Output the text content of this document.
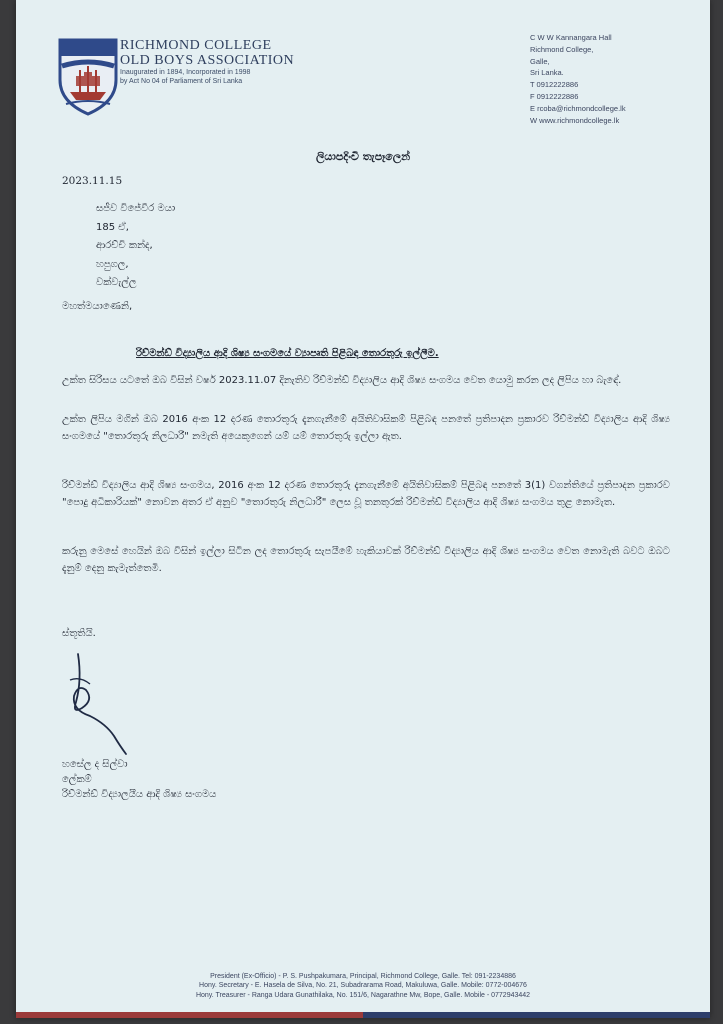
RICHMOND COLLEGE
OLD BOYS ASSOCIATION
Inaugurated in 1894, Incorporated in 1998
by Act No 04 of Parliament of Sri Lanka
C W W Kannangara Hall
Richmond College,
Galle,
Sri Lanka.
T 0912222886
F 0912222886
E rcoba@richmondcollege.lk
W www.richmondcollege.lk
ලියාපදිංචි තැපෑලෙන්
2023.11.15
සජීව විජේවීර මයා
185 ඒ,
ආරච්චි කන්ද,
හපුගල,
වක්වැල්ල
මහත්මයාණෙනි,
රිච්මන්ඩ් විද්‍යාලිය ආදි ශිෂ්‍ය සංගමයේ ව්‍යාපෘති පිළිබඳ තොරතුරු ඉල්ලීම.
උක්ත සිරිසය යටතේ ඔබ විසින් වර්ෂ 2023.11.07 දිනැතිව රිච්මන්ඩ් විද්‍යාලිය ආදි ශිෂ්‍ය සංගමය වෙත යොමු කරන ලද ලිපිය හා බැඳේ.
උක්ත ලිපිය මගින් ඔබ 2016 අංක 12 දරණ තොරතුරු දැනගැනීමේ අයිතිවාසිකම් පිළිබඳ පනතේ ප්‍රතිපාදන ප්‍රකාරව රිච්මන්ඩ් විද්‍යාලිය ආදි ශිෂ්‍ය සංගමයේ "තොරතුරු නිලධාරී" නමැති අයෙකුගෙන් යම් යම් තොරතුරු ඉල්ලා ඇත.
රිච්මන්ඩ් විද්‍යාලිය ආදි ශිෂ්‍ය සංගමය, 2016 අංක 12 දරණ තොරතුරු දැනගැනීමේ අයිතිවාසිකම් පිළිබඳ පනතේ 3(1) වගන්තියේ ප්‍රතිපාදන ප්‍රකාරව "පොදු අධිකාරියක්" නොවන අතර ඒ අනුව "තොරතුරු නිලධාරී" ලෙස වූ තනතුරක් රිච්මන්ඩ් විද්‍යාලිය ආදි ශිෂ්‍ය සංගමය තුළ නොමැත.
කරුනු මෙසේ හෙයින් ඔබ විසින් ඉල්ලා සිටින ලද තොරතුරු සැපයීමේ හැකියාවක් රිච්මන්ඩ් විද්‍යාලිය ආදි ශිෂ්‍ය සංගමය වෙත නොමැති බවට ඔබට දැනුම් දෙනු කැමැත්තෙමි.
ස්තූතියි.
හසේල ද සිල්වා
ලේකම්
රිච්මන්ඩ් විද්‍යාලයීය ආදි ශිෂ්‍ය සංගමය
President (Ex-Officio) - P. S. Pushpakumara, Principal, Richmond College, Galle. Tel: 091-2234886
Hony. Secretary - E. Hasela de Silva, No. 21, Subadrarama Road, Makuluwa, Galle. Mobile: 0772-004676
Hony. Treasurer - Ranga Udara Gunathilaka, No. 151/6, Nagarathne Mw, Bope, Galle. Mobile - 0772943442
